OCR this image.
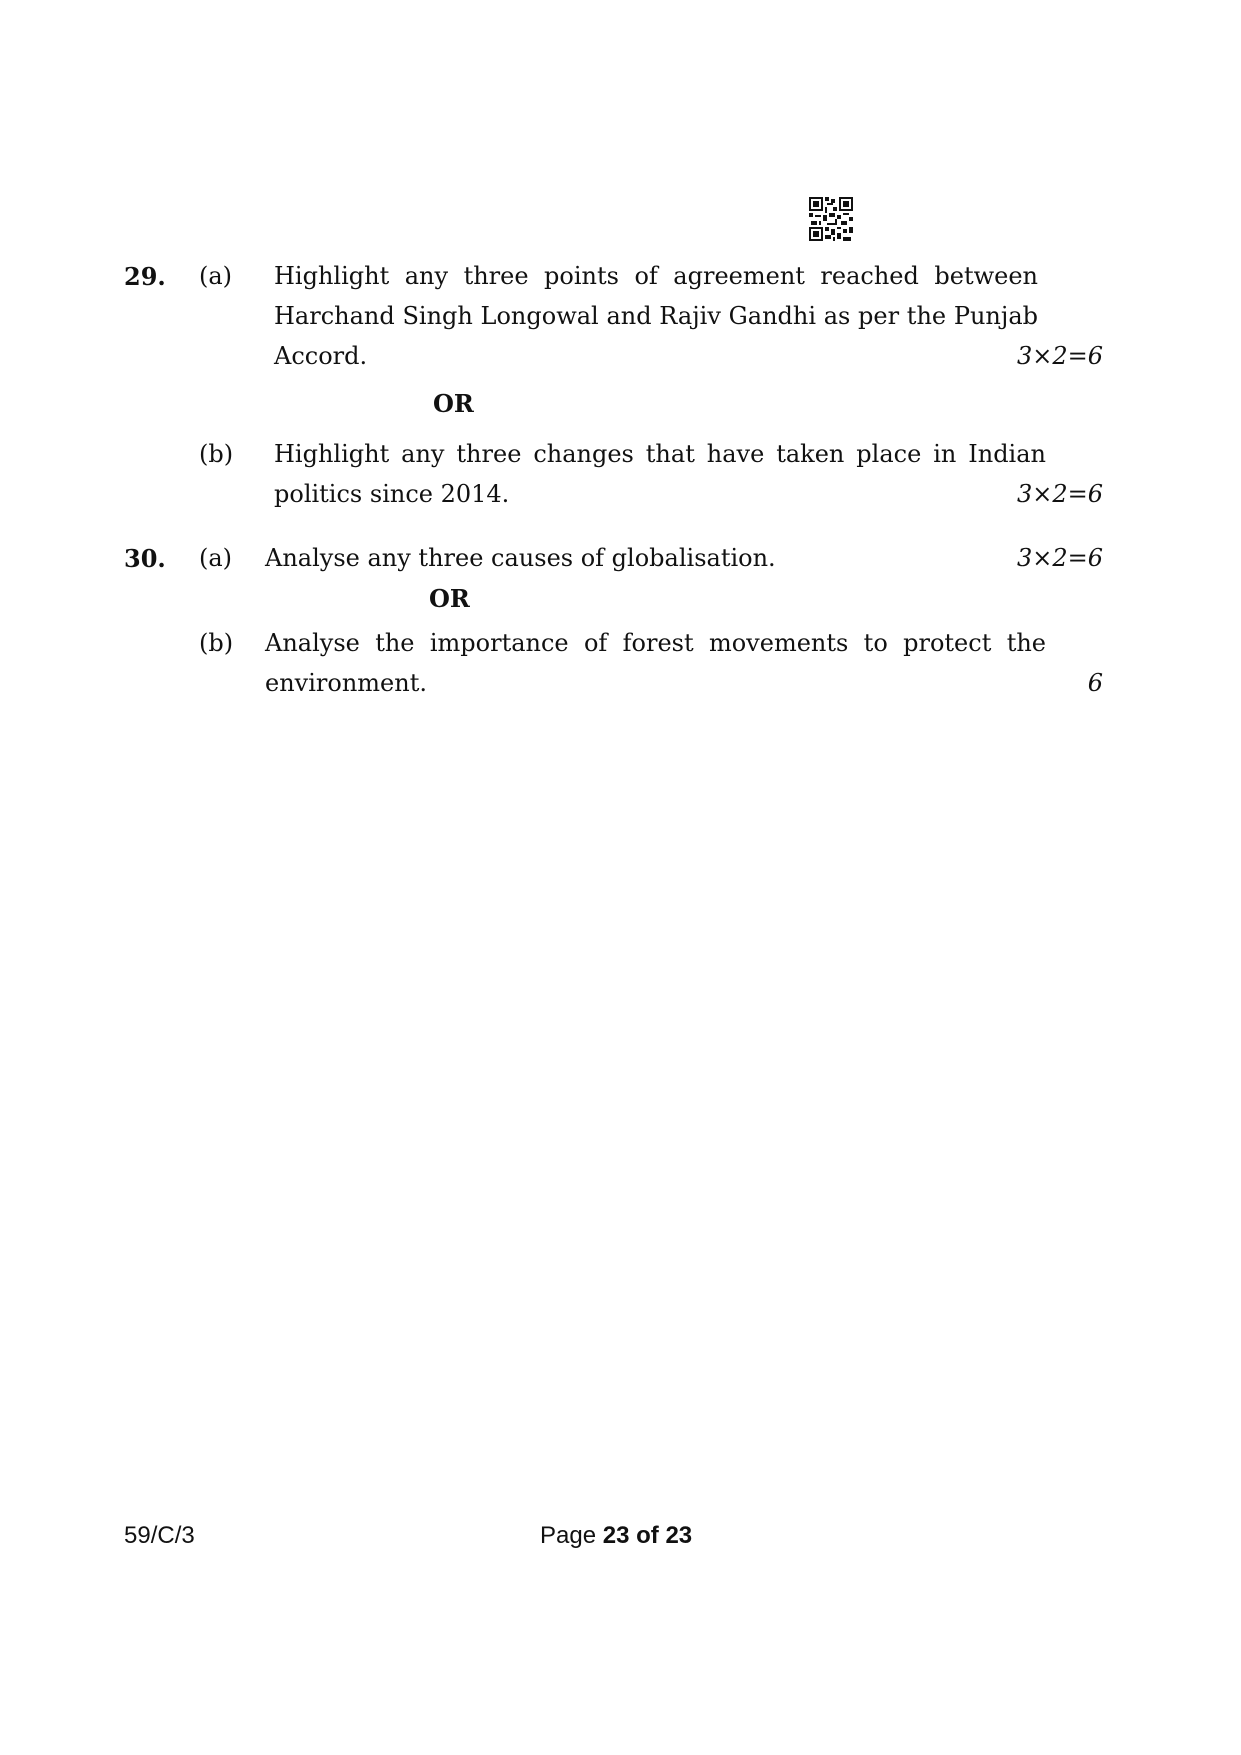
29. (a) Highlight any three points of agreement reached between
Harchand Singh Longowal and Rajiv Gandhi as per the Punjab
Accord.	3×2=6
OR
(b) Highlight any three changes that have taken place in Indian
politics since 2014.	3×2=6
30. (a) Analyse any three causes of globalisation.	3×2=6
OR
(b) Analyse the importance of forest movements to protect the
environment.	6
59/C/3	Page 23 of 23
